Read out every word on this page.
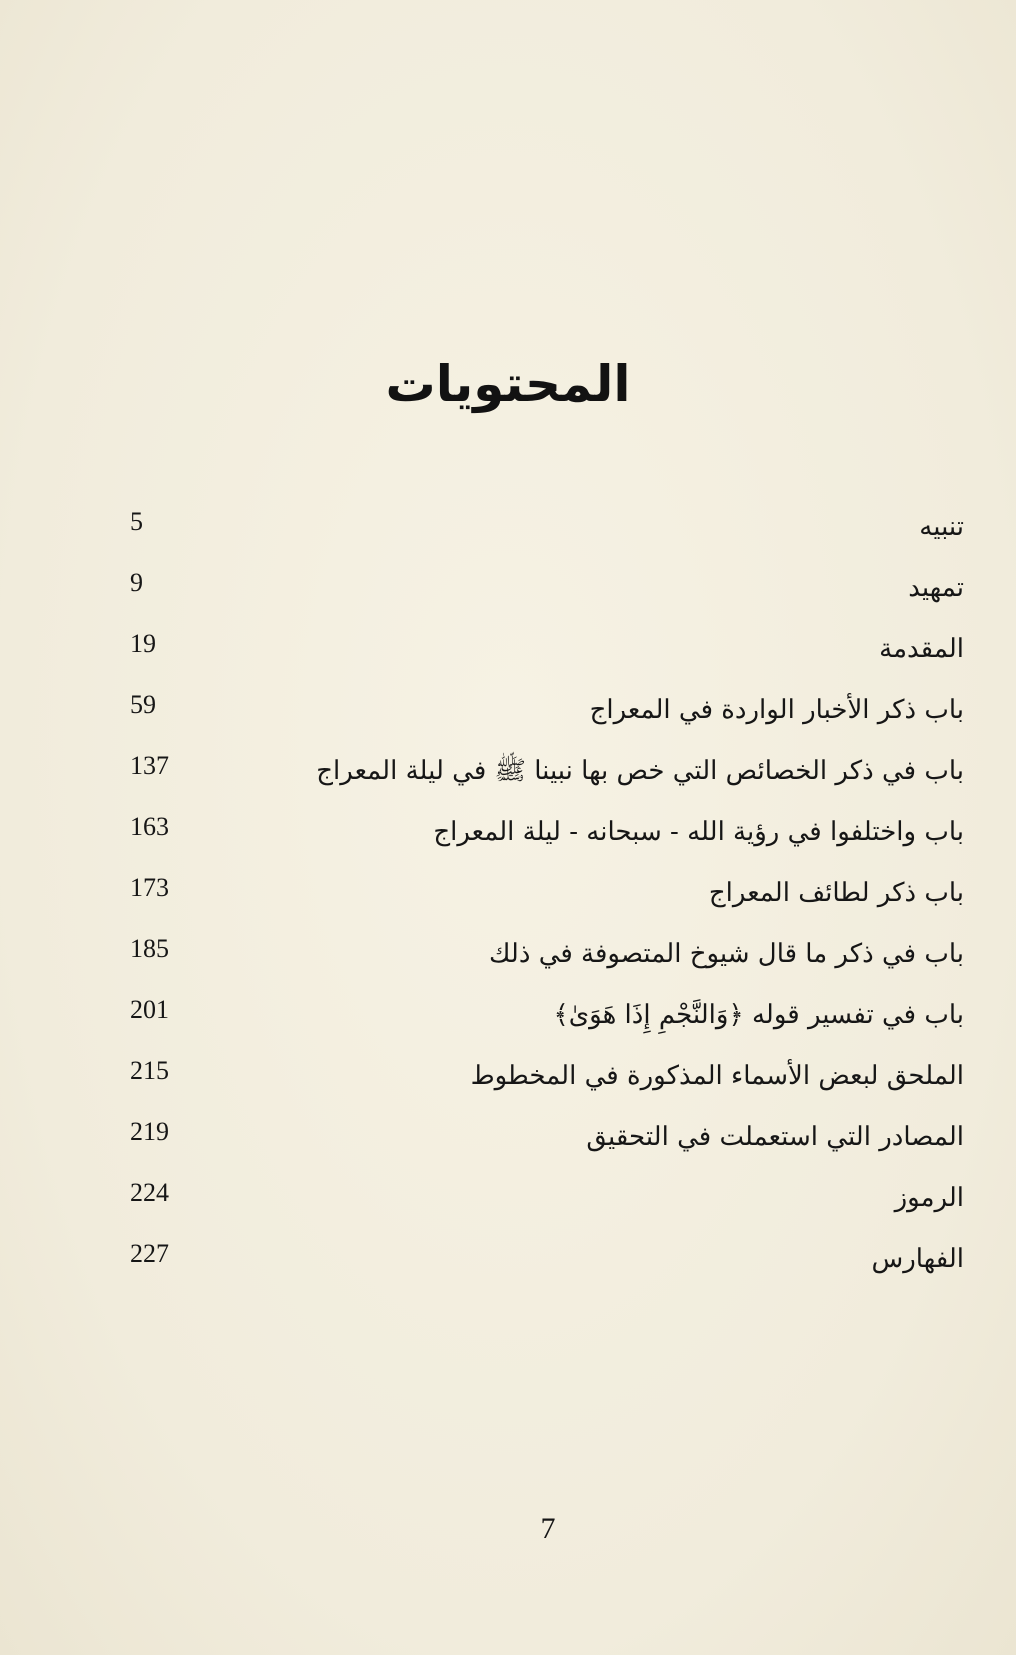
المحتويات
تنبيه
5
تمهيد
9
المقدمة
19
باب ذكر الأخبار الواردة في المعراج
59
باب في ذكر الخصائص التي خص بها نبينا ﷺ في ليلة المعراج
137
باب واختلفوا في رؤية الله - سبحانه - ليلة المعراج
163
باب ذكر لطائف المعراج
173
باب في ذكر ما قال شيوخ المتصوفة في ذلك
185
باب في تفسير قوله ﴿وَالنَّجْمِ إِذَا هَوَىٰ﴾
201
الملحق لبعض الأسماء المذكورة في المخطوط
215
المصادر التي استعملت في التحقيق
219
الرموز
224
الفهارس
227
7
